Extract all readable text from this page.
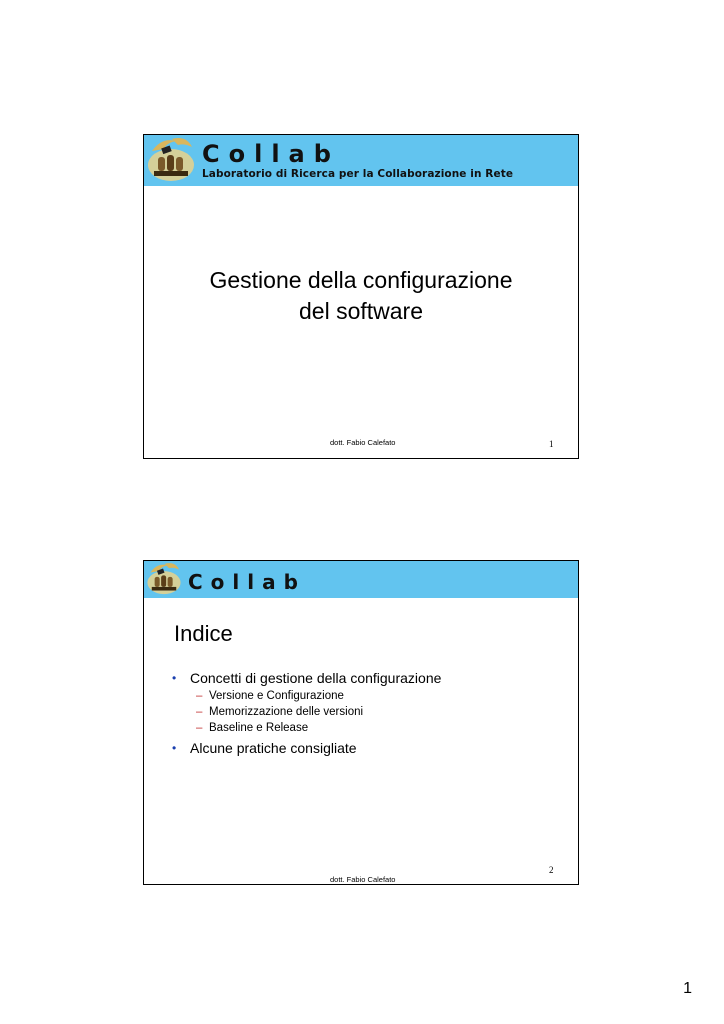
Collab
Laboratorio di Ricerca per la Collaborazione in Rete
Gestione della configurazione
del software
dott. Fabio Calefato	1
Collab
Indice
• Concetti di gestione della configurazione
– Versione e Configurazione
– Memorizzazione delle versioni
– Baseline e Release
• Alcune pratiche consigliate
2
dott. Fabio Calefato
1
